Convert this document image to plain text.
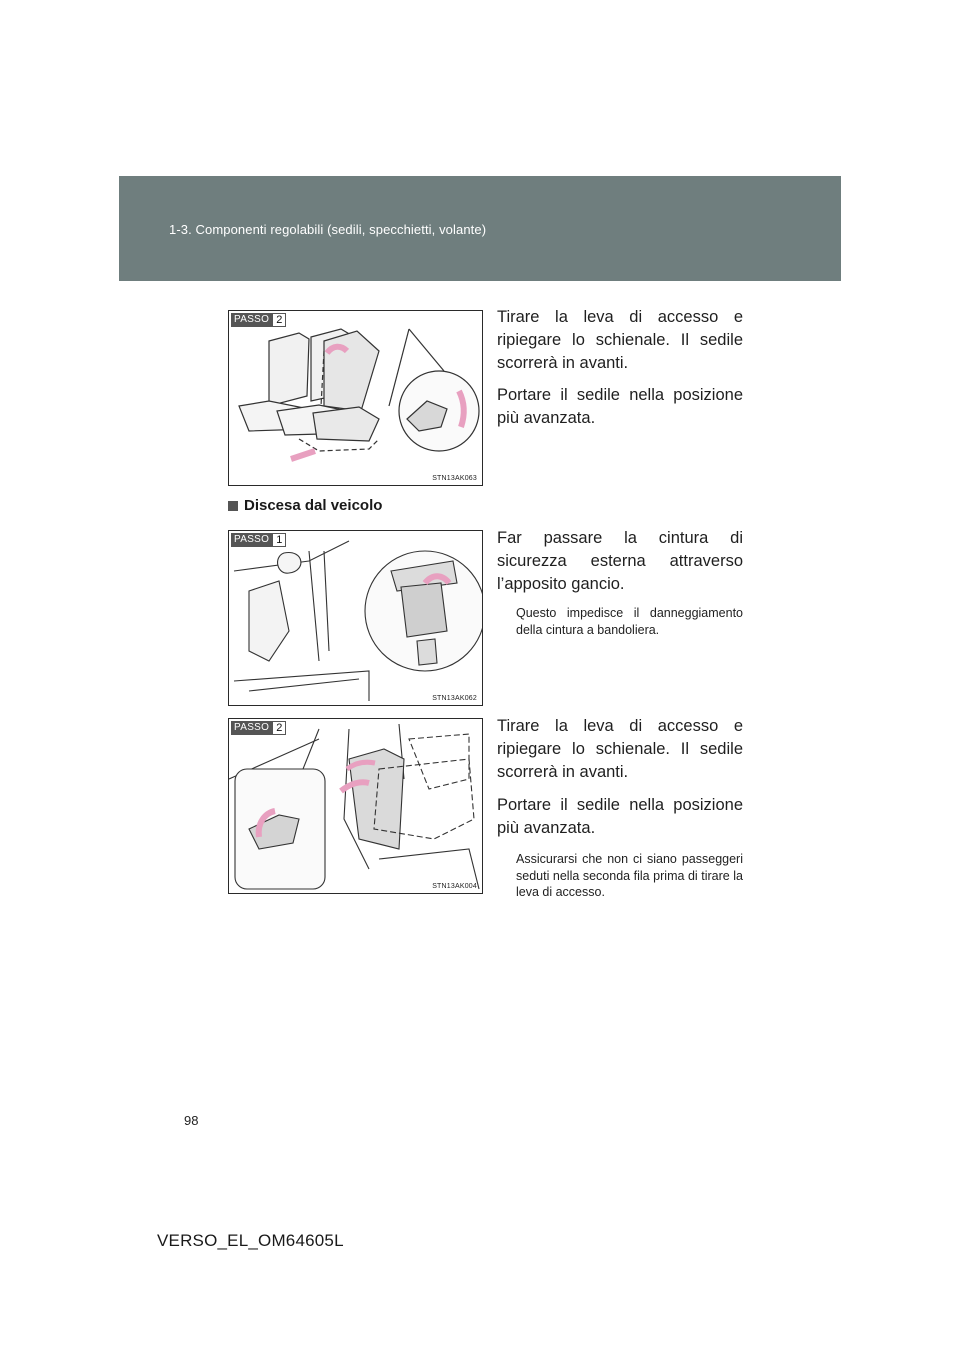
1-3. Componenti regolabili (sedili, specchietti, volante)
PASSO 2
STN13AK063
Tirare la leva di accesso e ripiegare lo schienale. Il sedile scorrerà in avanti.
Portare il sedile nella posizione più avanzata.
Discesa dal veicolo
PASSO 1
STN13AK062
Far passare la cintura di sicurezza esterna attraverso l’apposito gancio.
Questo impedisce il danneggiamento della cintura a bandoliera.
PASSO 2
STN13AK004
Tirare la leva di accesso e ripiegare lo schienale. Il sedile scorrerà in avanti.
Portare il sedile nella posizione più avanzata.
Assicurarsi che non ci siano passeggeri seduti nella seconda fila prima di tirare la leva di accesso.
98
VERSO_EL_OM64605L
